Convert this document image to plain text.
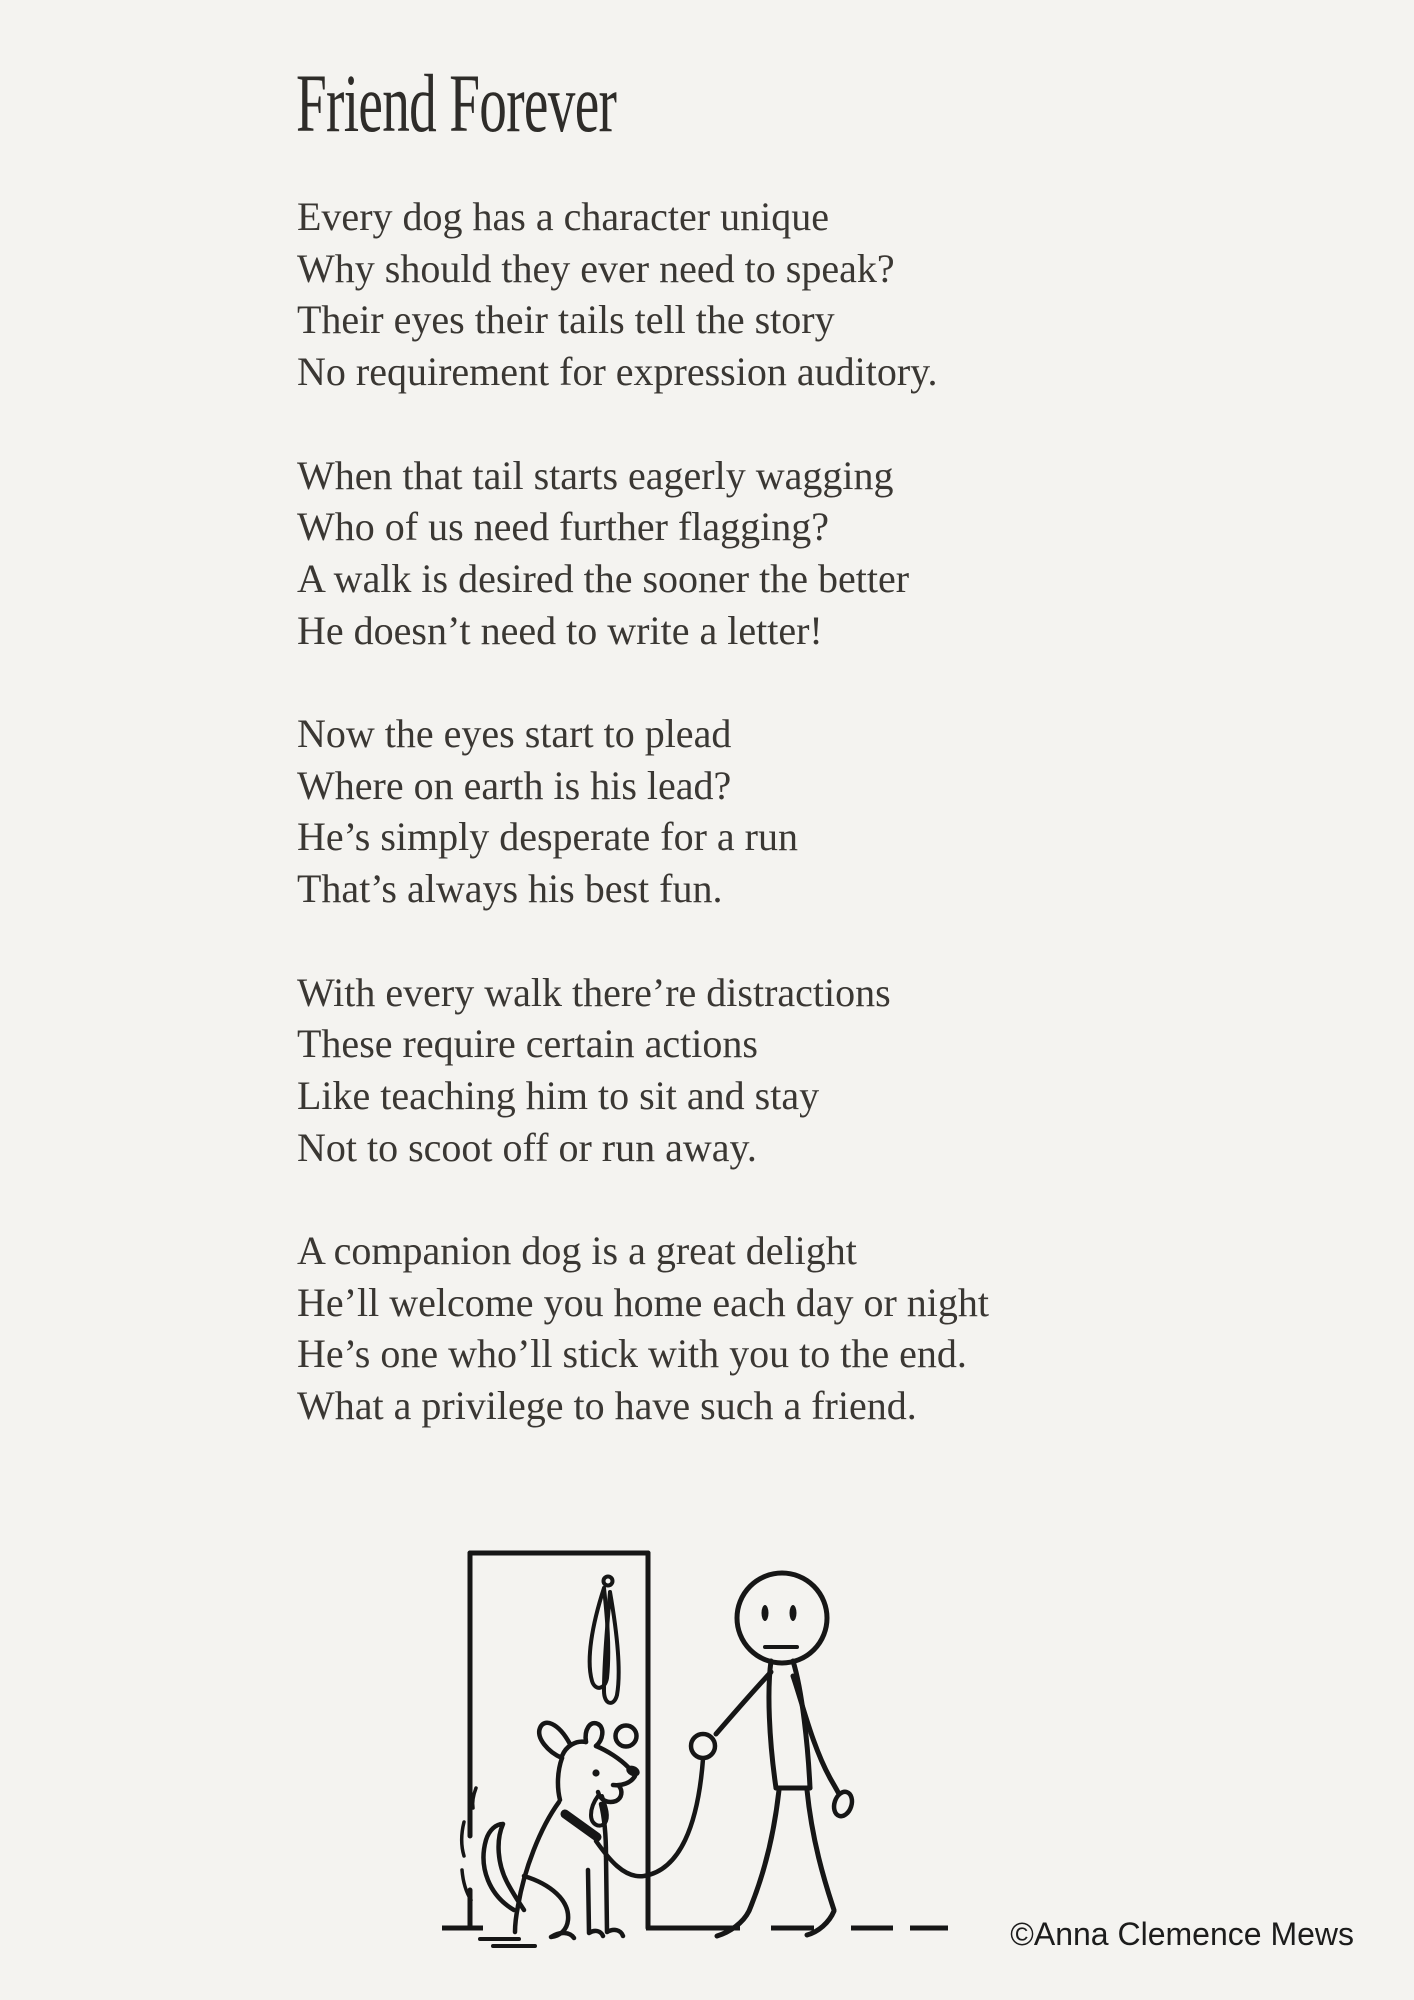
Friend Forever

Every dog has a character unique
Why should they ever need to speak?
Their eyes their tails tell the story
No requirement for expression auditory.

When that tail starts eagerly wagging
Who of us need further flagging?
A walk is desired the sooner the better
He doesn’t need to write a letter!

Now the eyes start to plead
Where on earth is his lead?
He’s simply desperate for a run
That’s always his best fun.

With every walk there’re distractions
These require certain actions
Like teaching him to sit and stay
Not to scoot off or run away.

A companion dog is a great delight
He’ll welcome you home each day or night
He’s one who’ll stick with you to the end.
What a privilege to have such a friend.

©Anna Clemence Mews
